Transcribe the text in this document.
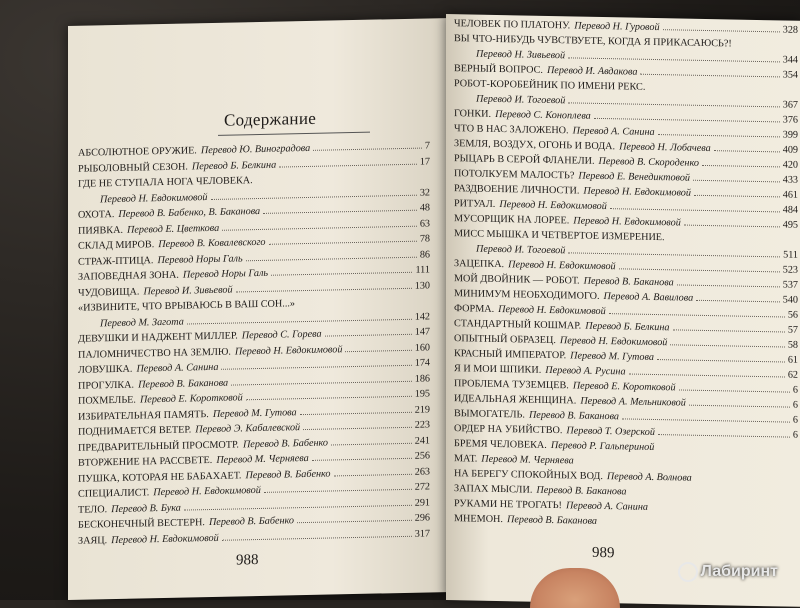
Содержание
АБСОЛЮТНОЕ ОРУЖИЕ. Перевод Ю. Виноградова	7
РЫБОЛОВНЫЙ СЕЗОН. Перевод Б. Белкина	17
ГДЕ НЕ СТУПАЛА НОГА ЧЕЛОВЕКА.
Перевод Н. Евдокимовой	32
ОХОТА. Перевод В. Бабенко, В. Баканова	48
ПИЯВКА. Перевод Е. Цветкова	63
СКЛАД МИРОВ. Перевод В. Ковалевского	78
СТРАЖ-ПТИЦА. Перевод Норы Галь	86
ЗАПОВЕДНАЯ ЗОНА. Перевод Норы Галь	111
ЧУДОВИЩА. Перевод И. Зивьевой	130
«ИЗВИНИТЕ, ЧТО ВРЫВАЮСЬ В ВАШ СОН...»
Перевод М. Загота	142
ДЕВУШКИ И НАДЖЕНТ МИЛЛЕР. Перевод С. Горева	147
ПАЛОМНИЧЕСТВО НА ЗЕМЛЮ. Перевод Н. Евдокимовой	160
ЛОВУШКА. Перевод А. Санина	174
ПРОГУЛКА. Перевод В. Баканова	186
ПОХМЕЛЬЕ. Перевод Е. Коротковой	195
ИЗБИРАТЕЛЬНАЯ ПАМЯТЬ. Перевод М. Гутова	219
ПОДНИМАЕТСЯ ВЕТЕР. Перевод Э. Кабалевской	223
ПРЕДВАРИТЕЛЬНЫЙ ПРОСМОТР. Перевод В. Бабенко	241
ВТОРЖЕНИЕ НА РАССВЕТЕ. Перевод М. Черняева	256
ПУШКА, КОТОРАЯ НЕ БАБАХАЕТ. Перевод В. Бабенко	263
СПЕЦИАЛИСТ. Перевод Н. Евдокимовой	272
ТЕЛО. Перевод В. Бука	291
БЕСКОНЕЧНЫЙ ВЕСТЕРН. Перевод В. Бабенко	296
ЗАЯЦ. Перевод Н. Евдокимовой	317
988
ЧЕЛОВЕК ПО ПЛАТОНУ. Перевод Н. Гуровой	328
ВЫ ЧТО-НИБУДЬ ЧУВСТВУЕТЕ, КОГДА Я ПРИКАСАЮСЬ?!
Перевод Н. Зивьевой	344
ВЕРНЫЙ ВОПРОС. Перевод И. Авдакова	354
РОБОТ-КОРОБЕЙНИК ПО ИМЕНИ РЕКС.
Перевод И. Тогоевой	367
ГОНКИ. Перевод С. Коноплева	376
ЧТО В НАС ЗАЛОЖЕНО. Перевод А. Санина	399
ЗЕМЛЯ, ВОЗДУХ, ОГОНЬ И ВОДА. Перевод Н. Лобачева	409
РЫЦАРЬ В СЕРОЙ ФЛАНЕЛИ. Перевод В. Скороденко	420
ПОТОЛКУЕМ МАЛОСТЬ? Перевод Е. Венедиктовой	433
РАЗДВОЕНИЕ ЛИЧНОСТИ. Перевод Н. Евдокимовой	461
РИТУАЛ. Перевод Н. Евдокимовой	484
МУСОРЩИК НА ЛОРЕЕ. Перевод Н. Евдокимовой	495
МИСС МЫШКА И ЧЕТВЕРТОЕ ИЗМЕРЕНИЕ.
Перевод И. Тогоевой	511
ЗАЦЕПКА. Перевод Н. Евдокимовой	523
МОЙ ДВОЙНИК — РОБОТ. Перевод В. Баканова	537
МИНИМУМ НЕОБХОДИМОГО. Перевод А. Вавилова	540
ФОРМА. Перевод Н. Евдокимовой	56
СТАНДАРТНЫЙ КОШМАР. Перевод Б. Белкина	57
ОПЫТНЫЙ ОБРАЗЕЦ. Перевод Н. Евдокимовой	58
КРАСНЫЙ ИМПЕРАТОР. Перевод М. Гутова	61
Я И МОИ ШПИКИ. Перевод А. Русина	62
ПРОБЛЕМА ТУЗЕМЦЕВ. Перевод Е. Коротковой	6
ИДЕАЛЬНАЯ ЖЕНЩИНА. Перевод А. Мельниковой	6
ВЫМОГАТЕЛЬ. Перевод В. Баканова	6
ОРДЕР НА УБИЙСТВО. Перевод Т. Озерской	6
БРЕМЯ ЧЕЛОВЕКА. Перевод Р. Гальпериной
МАТ. Перевод М. Черняева
НА БЕРЕГУ СПОКОЙНЫХ ВОД. Перевод А. Волнова
ЗАПАХ МЫСЛИ. Перевод В. Баканова
РУКАМИ НЕ ТРОГАТЬ! Перевод А. Санина
МНЕМОН. Перевод В. Баканова
989
Лабиринт
